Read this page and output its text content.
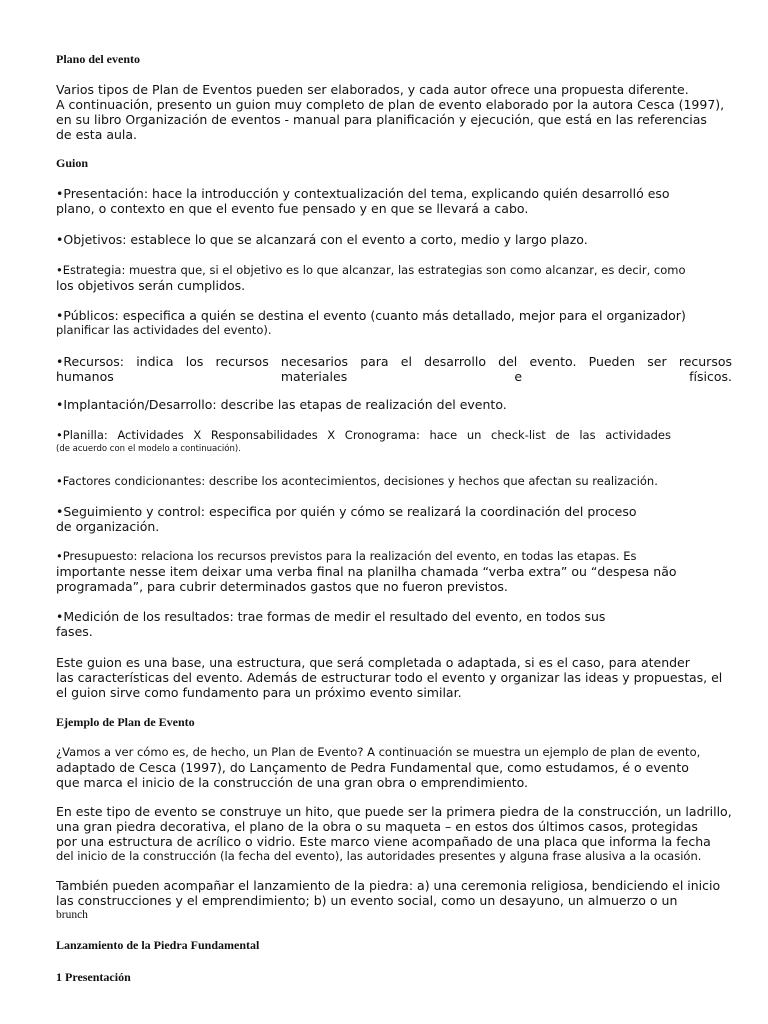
Plano del evento
Varios tipos de Plan de Eventos pueden ser elaborados, y cada autor ofrece una propuesta diferente.
A continuación, presento un guion muy completo de plan de evento elaborado por la autora Cesca (1997),
en su libro Organización de eventos - manual para planificación y ejecución, que está en las referencias
de esta aula.
Guion
•Presentación: hace la introducción y contextualización del tema, explicando quién desarrolló eso
plano, o contexto en que el evento fue pensado y en que se llevará a cabo.
•Objetivos: establece lo que se alcanzará con el evento a corto, medio y largo plazo.
•Estrategia: muestra que, si el objetivo es lo que alcanzar, las estrategias son como alcanzar, es decir, como
los objetivos serán cumplidos.
•Públicos: especifica a quién se destina el evento (cuanto más detallado, mejor para el organizador)
planificar las actividades del evento).
•Recursos: indica los recursos necesarios para el desarrollo del evento. Pueden ser recursos
humanos materiales e físicos.
•Implantación/Desarrollo: describe las etapas de realización del evento.
•Planilla: Actividades X Responsabilidades X Cronograma: hace un check-list de las actividades
(de acuerdo con el modelo a continuación).
•Factores condicionantes: describe los acontecimientos, decisiones y hechos que afectan su realización.
•Seguimiento y control: especifica por quién y cómo se realizará la coordinación del proceso
de organización.
•Presupuesto: relaciona los recursos previstos para la realización del evento, en todas las etapas. Es
importante nesse item deixar uma verba final na planilha chamada “verba extra” ou “despesa não
programada”, para cubrir determinados gastos que no fueron previstos.
•Medición de los resultados: trae formas de medir el resultado del evento, en todos sus
fases.
Este guion es una base, una estructura, que será completada o adaptada, si es el caso, para atender
las características del evento. Además de estructurar todo el evento y organizar las ideas y propuestas, el
el guion sirve como fundamento para un próximo evento similar.
Ejemplo de Plan de Evento
¿Vamos a ver cómo es, de hecho, un Plan de Evento? A continuación se muestra un ejemplo de plan de evento,
adaptado de Cesca (1997), do Lançamento de Pedra Fundamental que, como estudamos, é o evento
que marca el inicio de la construcción de una gran obra o emprendimiento.
En este tipo de evento se construye un hito, que puede ser la primera piedra de la construcción, un ladrillo,
una gran piedra decorativa, el plano de la obra o su maqueta – en estos dos últimos casos, protegidas
por una estructura de acrílico o vidrio. Este marco viene acompañado de una placa que informa la fecha
del inicio de la construcción (la fecha del evento), las autoridades presentes y alguna frase alusiva a la ocasión.
También pueden acompañar el lanzamiento de la piedra: a) una ceremonia religiosa, bendiciendo el inicio
las construcciones y el emprendimiento; b) un evento social, como un desayuno, un almuerzo o un
brunch
Lanzamiento de la Piedra Fundamental
1 Presentación
